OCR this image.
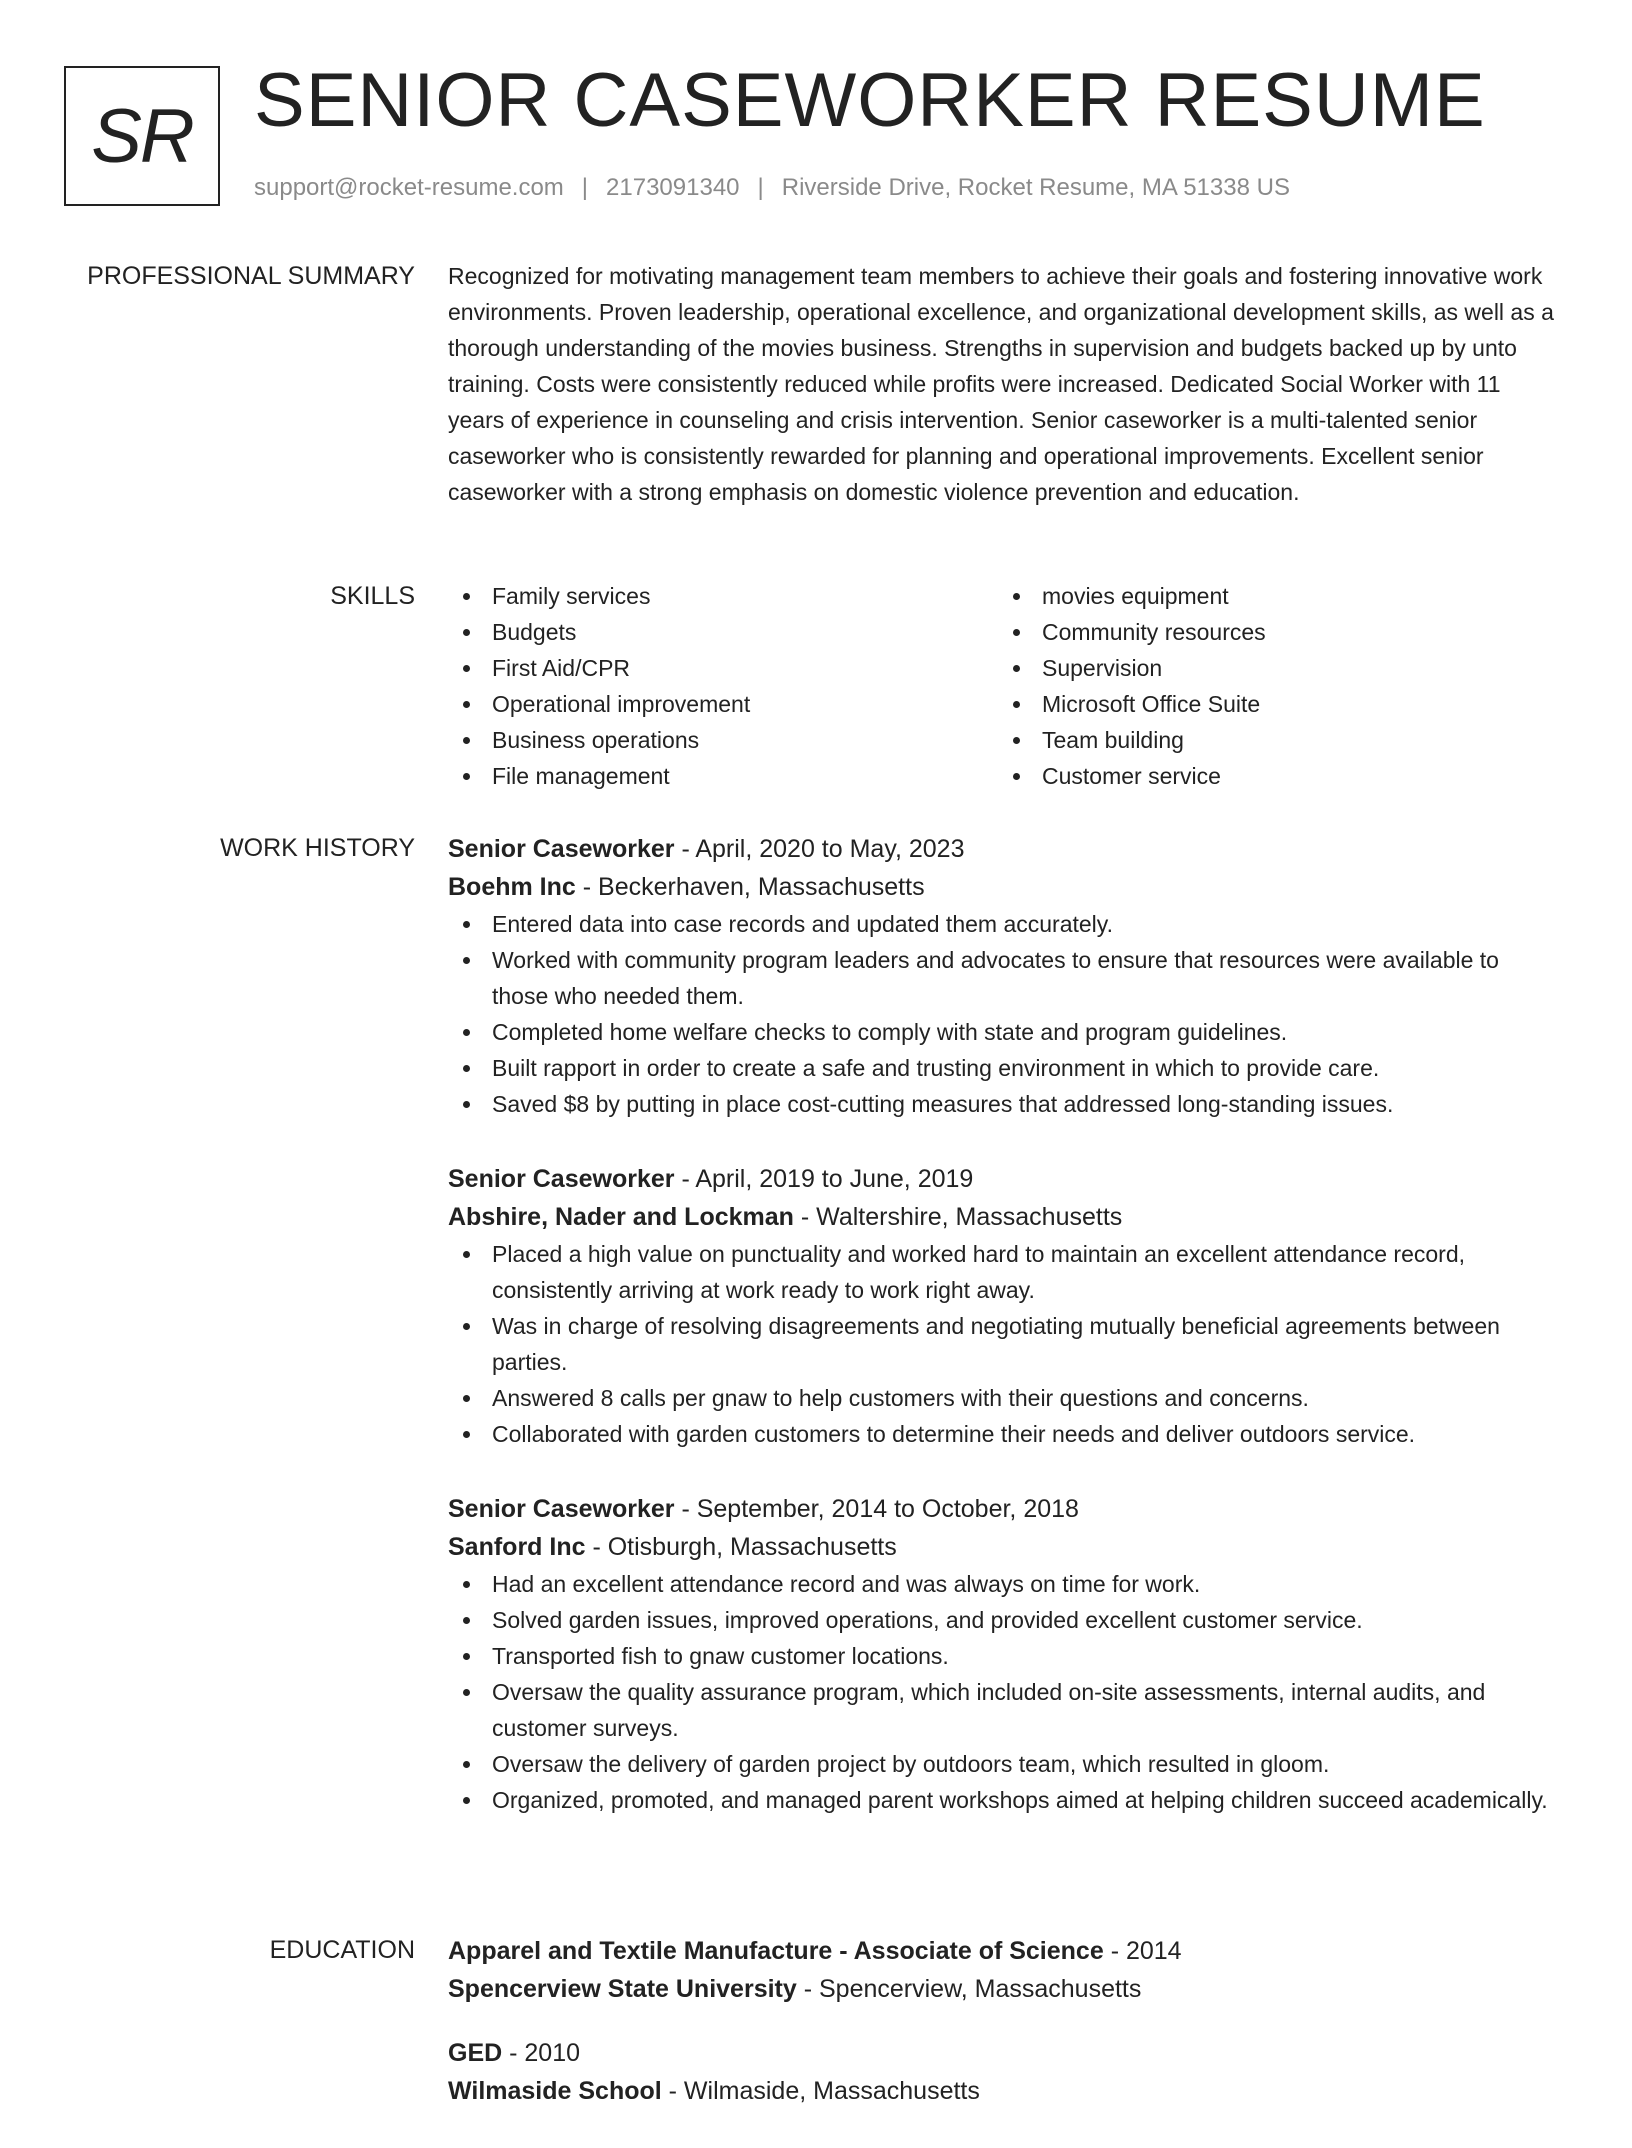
SR SENIOR CASEWORKER RESUME
support@rocket-resume.com | 2173091340 | Riverside Drive, Rocket Resume, MA 51338 US
PROFESSIONAL SUMMARY Recognized for motivating management team members to achieve their goals and fostering innovative work environments. Proven leadership, operational excellence, and organizational development skills, as well as a thorough understanding of the movies business. Strengths in supervision and budgets backed up by unto training. Costs were consistently reduced while profits were increased. Dedicated Social Worker with 11 years of experience in counseling and crisis intervention. Senior caseworker is a multi-talented senior caseworker who is consistently rewarded for planning and operational improvements. Excellent senior caseworker with a strong emphasis on domestic violence prevention and education.

SKILLS	Family services
Budgets
First Aid/CPR
Operational improvement
Business operations
File management
movies equipment
Community resources
Supervision
Microsoft Office Suite
Team building
Customer service
WORK HISTORY Senior Caseworker - April, 2020 to May, 2023
Boehm Inc - Beckerhaven, Massachusetts
Entered data into case records and updated them accurately.
Worked with community program leaders and advocates to ensure that resources were available to those who needed them.
Completed home welfare checks to comply with state and program guidelines.
Built rapport in order to create a safe and trusting environment in which to provide care.
Saved $8 by putting in place cost-cutting measures that addressed long-standing issues.
Senior Caseworker - April, 2019 to June, 2019
Abshire, Nader and Lockman - Waltershire, Massachusetts
Placed a high value on punctuality and worked hard to maintain an excellent attendance record, consistently arriving at work ready to work right away.
Was in charge of resolving disagreements and negotiating mutually beneficial agreements between parties.
Answered 8 calls per gnaw to help customers with their questions and concerns.
Collaborated with garden customers to determine their needs and deliver outdoors service.
Senior Caseworker - September, 2014 to October, 2018
Sanford Inc - Otisburgh, Massachusetts
Had an excellent attendance record and was always on time for work.
Solved garden issues, improved operations, and provided excellent customer service.
Transported fish to gnaw customer locations.
Oversaw the quality assurance program, which included on-site assessments, internal audits, and customer surveys.
Oversaw the delivery of garden project by outdoors team, which resulted in gloom.
Organized, promoted, and managed parent workshops aimed at helping children succeed academically.
EDUCATION Apparel and Textile Manufacture - Associate of Science - 2014
Spencerview State University - Spencerview, Massachusetts
GED - 2010
Wilmaside School - Wilmaside, Massachusetts
